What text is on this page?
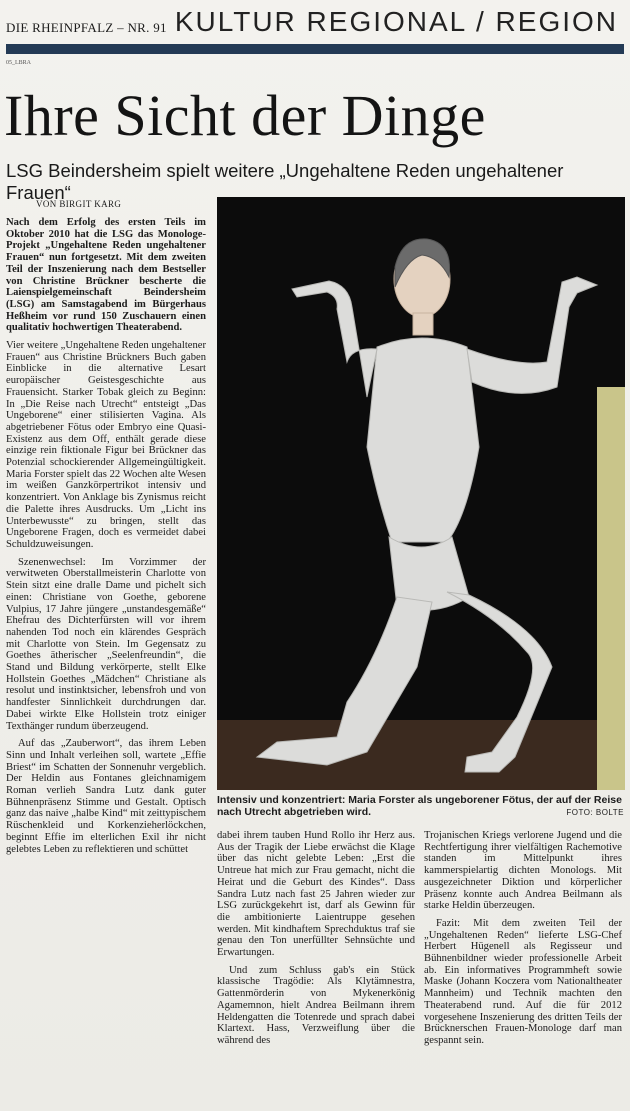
DIE RHEINPFALZ – NR. 91 KULTUR REGIONAL / REGION
05_LBRA
Ihre Sicht der Dinge
LSG Beindersheim spielt weitere „Ungehaltene Reden ungehaltener Frauen“
VON BIRGIT KARG

Nach dem Erfolg des ersten Teils im Oktober 2010 hat die LSG das Monologe-Projekt „Ungehaltene Reden ungehaltener Frauen“ nun fortgesetzt. Mit dem zweiten Teil der Inszenierung nach dem Bestseller von Christine Brückner bescherte die Laienspielgemeinschaft Beindersheim (LSG) am Samstagabend im Bürgerhaus Heßheim vor rund 150 Zuschauern einen qualitativ hochwertigen Theaterabend.

Vier weitere „Ungehaltene Reden ungehaltener Frauen“ aus Christine Brückners Buch gaben Einblicke in die alternative Lesart europäischer Geistesgeschichte aus Frauensicht. Starker Tobak gleich zu Beginn: In „Die Reise nach Utrecht“ entsteigt „Das Ungeborene“ einer stilisierten Vagina. Als abgetriebener Fötus oder Embryo eine Quasi-Existenz aus dem Off, enthält gerade diese einzige rein fiktionale Figur bei Brückner das Potenzial schockierender Allgemeingültigkeit. Maria Forster spielt das 22 Wochen alte Wesen im weißen Ganzkörpertrikot intensiv und konzentriert. Von Anklage bis Zynismus reicht die Palette ihres Ausdrucks. Um „Licht ins Unterbewusste“ zu bringen, stellt das Ungeborene Fragen, doch es vermeidet dabei Schuldzuweisungen.

Szenenwechsel: Im Vorzimmer der verwitweten Oberstallmeisterin Charlotte von Stein sitzt eine dralle Dame und pichelt sich einen: Christiane von Goethe, geborene Vulpius, 17 Jahre jüngere „unstandesgemäße“ Ehefrau des Dichterfürsten will vor ihrem nahenden Tod noch ein klärendes Gespräch mit Charlotte von Stein. Im Gegensatz zu Goethes ätherischer „Seelenfreundin“, die Stand und Bildung verkörperte, stellt Elke Hollstein Goethes „Mädchen“ Christiane als resolut und instinktsicher, lebensfroh und von handfester Sinnlichkeit durchdrungen dar. Dabei wirkte Elke Hollstein trotz einiger Texthänger rundum überzeugend.

Auf das „Zauberwort“, das ihrem Leben Sinn und Inhalt verleihen soll, wartete „Effie Briest“ im Schatten der Sonnenuhr vergeblich. Der Heldin aus Fontanes gleichnamigem Roman verlieh Sandra Lutz dank guter Bühnenpräsenz Stimme und Gestalt. Optisch ganz das naive „halbe Kind“ mit zeittypischem Rüschenkleid und Korkenzieherlöckchen, beginnt Effie im elterlichen Exil ihr nicht gelebtes Leben zu reflektieren und schüttet

Intensiv und konzentriert: Maria Forster als ungeborener Fötus, der auf der Reise nach Utrecht abgetrieben wird.	FOTO: BOLTE

dabei ihrem tauben Hund Rollo ihr Herz aus. Aus der Tragik der Liebe erwächst die Klage über das nicht gelebte Leben: „Erst die Untreue hat mich zur Frau gemacht, nicht die Heirat und die Geburt des Kindes“. Dass Sandra Lutz nach fast 25 Jahren wieder zur LSG zurückgekehrt ist, darf als Gewinn für die ambitionierte Laientruppe gesehen werden. Mit kindhaftem Sprechduktus traf sie genau den Ton unerfüllter Sehnsüchte und Erwartungen.

Und zum Schluss gab's ein Stück klassische Tragödie: Als Klytämnestra, Gattenmörderin von Mykenerkönig Agamemnon, hielt Andrea Beilmann ihrem Heldengatten die Totenrede und sprach dabei Klartext. Hass, Verzweiflung über die während des

Trojanischen Kriegs verlorene Jugend und die Rechtfertigung ihrer vielfältigen Rachemotive standen im Mittelpunkt ihres kammerspielartig dichten Monologs. Mit ausgezeichneter Diktion und körperlicher Präsenz konnte auch Andrea Beilmann als starke Heldin überzeugen.

Fazit: Mit dem zweiten Teil der „Ungehaltenen Reden“ lieferte LSG-Chef Herbert Hügenell als Regisseur und Bühnenbildner wieder professionelle Arbeit ab. Ein informatives Programmheft sowie Maske (Johann Koczera vom Nationaltheater Mannheim) und Technik machten den Theaterabend rund. Auf die für 2012 vorgesehene Inszenierung des dritten Teils der Brücknerschen Frauen-Monologe darf man gespannt sein.
